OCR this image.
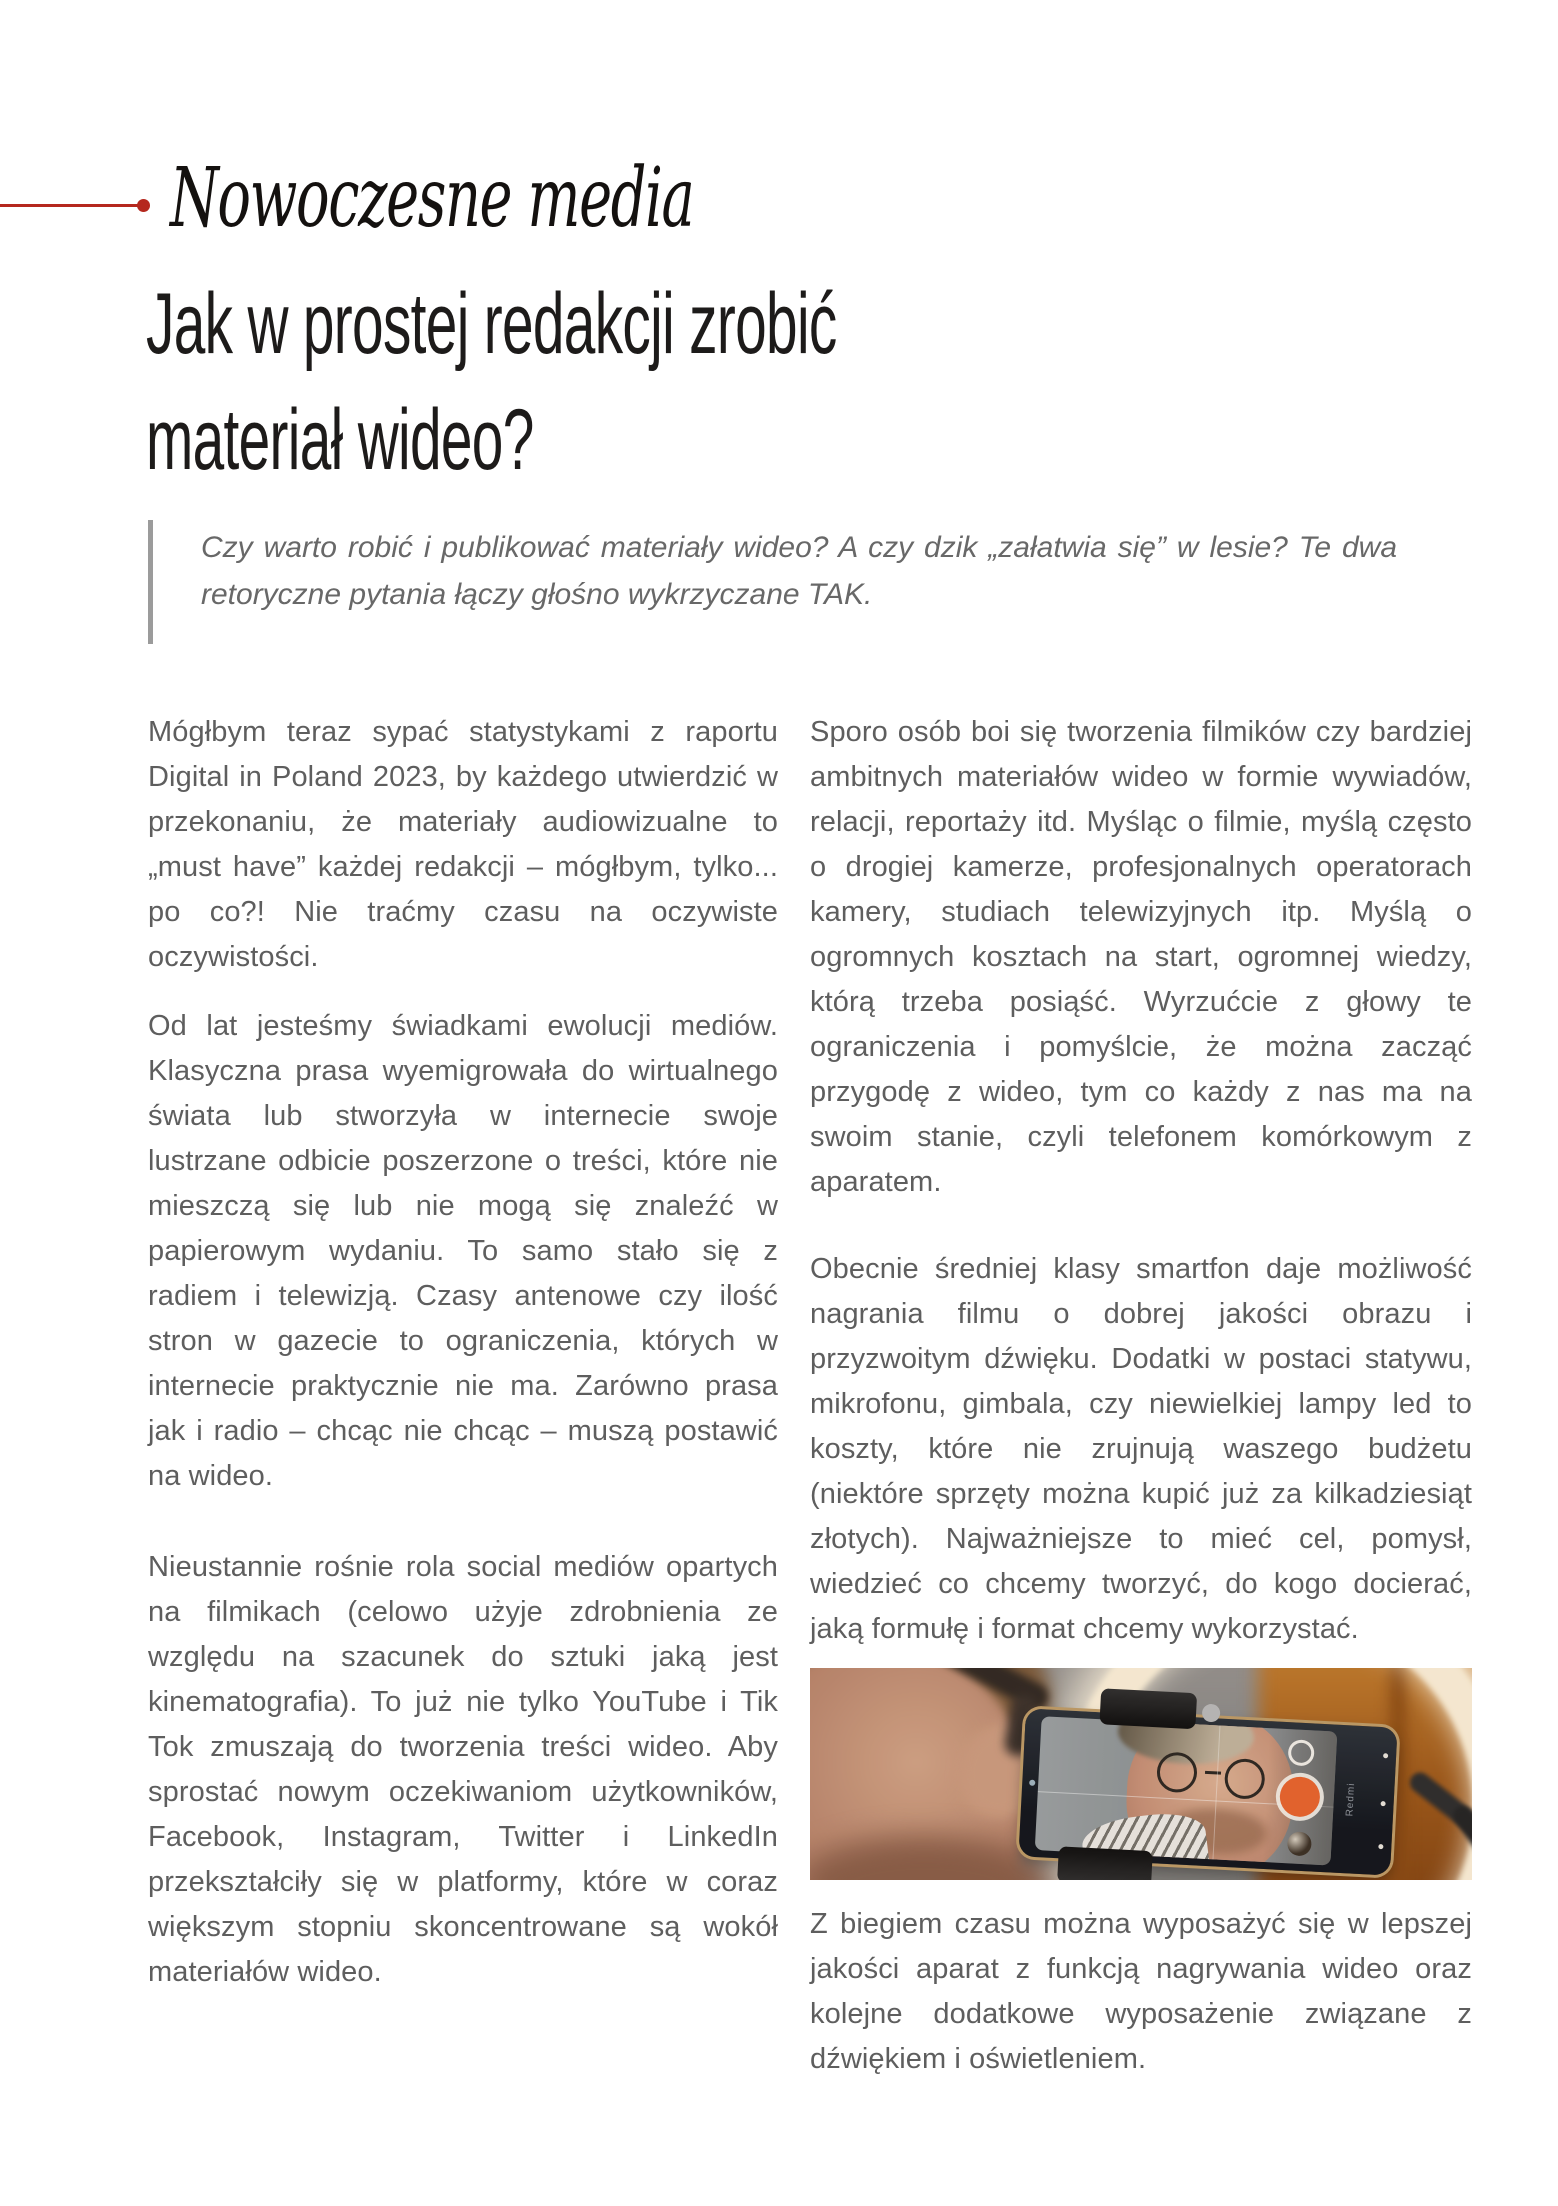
Nowoczesne media
Jak w prostej redakcji zrobić
materiał wideo?

Czy warto robić i publikować materiały wideo? A czy dzik „załatwia się” w lesie? Te dwa retoryczne pytania łączy głośno wykrzyczane TAK.

Mógłbym teraz sypać statystykami z raportu Digital in Poland 2023, by każdego utwierdzić w przekonaniu, że materiały audiowizualne to „must have” każdej redakcji – mógłbym, tylko... po co?! Nie traćmy czasu na oczywiste oczywistości.

Od lat jesteśmy świadkami ewolucji mediów. Klasyczna prasa wyemigrowała do wirtualnego świata lub stworzyła w internecie swoje lustrzane odbicie poszerzone o treści, które nie mieszczą się lub nie mogą się znaleźć w papierowym wydaniu. To samo stało się z radiem i telewizją. Czasy antenowe czy ilość stron w gazecie to ograniczenia, których w internecie praktycznie nie ma. Zarówno prasa jak i radio – chcąc nie chcąc – muszą postawić na wideo.

Nieustannie rośnie rola social mediów opartych na filmikach (celowo użyje zdrobnienia ze względu na szacunek do sztuki jaką jest kinematografia). To już nie tylko YouTube i Tik Tok zmuszają do tworzenia treści wideo. Aby sprostać nowym oczekiwaniom użytkowników, Facebook, Instagram, Twitter i LinkedIn przekształciły się w platformy, które w coraz większym stopniu skoncentrowane są wokół materiałów wideo.

Sporo osób boi się tworzenia filmików czy bardziej ambitnych materiałów wideo w formie wywiadów, relacji, reportaży itd. Myśląc o filmie, myślą często o drogiej kamerze, profesjonalnych operatorach kamery, studiach telewizyjnych itp. Myślą o ogromnych kosztach na start, ogromnej wiedzy, którą trzeba posiąść. Wyrzućcie z głowy te ograniczenia i pomyślcie, że można zacząć przygodę z wideo, tym co każdy z nas ma na swoim stanie, czyli telefonem komórkowym z aparatem.

Obecnie średniej klasy smartfon daje możliwość nagrania filmu o dobrej jakości obrazu i przyzwoitym dźwięku. Dodatki w postaci statywu, mikrofonu, gimbala, czy niewielkiej lampy led to koszty, które nie zrujnują waszego budżetu (niektóre sprzęty można kupić już za kilkadziesiąt złotych). Najważniejsze to mieć cel, pomysł, wiedzieć co chcemy tworzyć, do kogo docierać, jaką formułę i format chcemy wykorzystać.

Redmi

Z biegiem czasu można wyposażyć się w lepszej jakości aparat z funkcją nagrywania wideo oraz kolejne dodatkowe wyposażenie związane z dźwiękiem i oświetleniem.
